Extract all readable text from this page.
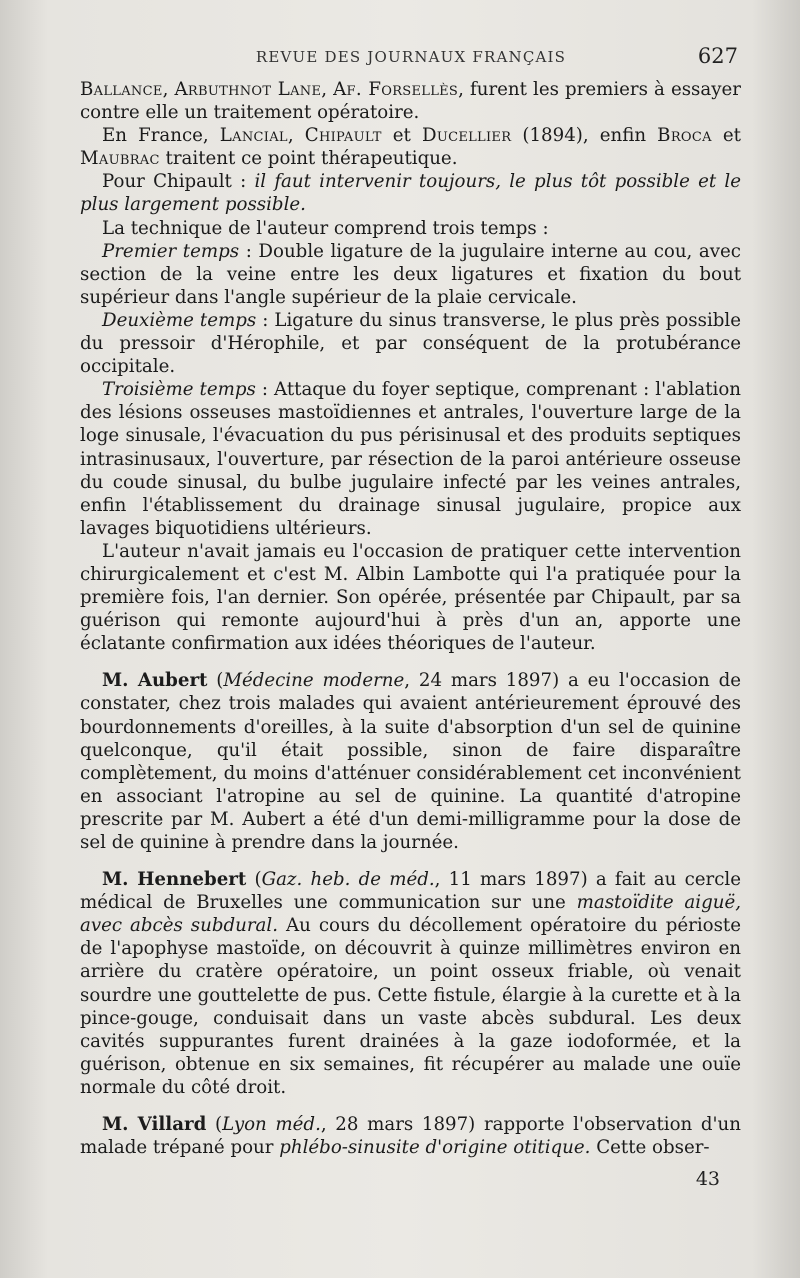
REVUE DES JOURNAUX FRANÇAIS	627

Ballance, Arbuthnot Lane, Af. Forsellès, furent les premiers à essayer contre elle un traitement opératoire.

En France, Lancial, Chipault et Ducellier (1894), enfin Broca et Maubrac traitent ce point thérapeutique.

Pour Chipault : il faut intervenir toujours, le plus tôt possible et le plus largement possible.

La technique de l'auteur comprend trois temps :

Premier temps : Double ligature de la jugulaire interne au cou, avec section de la veine entre les deux ligatures et fixation du bout supérieur dans l'angle supérieur de la plaie cervicale.

Deuxième temps : Ligature du sinus transverse, le plus près possible du pressoir d'Hérophile, et par conséquent de la protubérance occipitale.

Troisième temps : Attaque du foyer septique, comprenant : l'ablation des lésions osseuses mastoïdiennes et antrales, l'ouverture large de la loge sinusale, l'évacuation du pus périsinusal et des produits septiques intrasinusaux, l'ouverture, par résection de la paroi antérieure osseuse du coude sinusal, du bulbe jugulaire infecté par les veines antrales, enfin l'établissement du drainage sinusal jugulaire, propice aux lavages biquotidiens ultérieurs.

L'auteur n'avait jamais eu l'occasion de pratiquer cette intervention chirurgicalement et c'est M. Albin Lambotte qui l'a pratiquée pour la première fois, l'an dernier. Son opérée, présentée par Chipault, par sa guérison qui remonte aujourd'hui à près d'un an, apporte une éclatante confirmation aux idées théoriques de l'auteur.

M. Aubert (Médecine moderne, 24 mars 1897) a eu l'occasion de constater, chez trois malades qui avaient antérieurement éprouvé des bourdonnements d'oreilles, à la suite d'absorption d'un sel de quinine quelconque, qu'il était possible, sinon de faire disparaître complètement, du moins d'atténuer considérablement cet inconvénient en associant l'atropine au sel de quinine. La quantité d'atropine prescrite par M. Aubert a été d'un demi-milligramme pour la dose de sel de quinine à prendre dans la journée.

M. Hennebert (Gaz. heb. de méd., 11 mars 1897) a fait au cercle médical de Bruxelles une communication sur une mastoïdite aiguë, avec abcès subdural. Au cours du décollement opératoire du périoste de l'apophyse mastoïde, on découvrit à quinze millimètres environ en arrière du cratère opératoire, un point osseux friable, où venait sourdre une gouttelette de pus. Cette fistule, élargie à la curette et à la pince-gouge, conduisait dans un vaste abcès subdural. Les deux cavités suppurantes furent drainées à la gaze iodoformée, et la guérison, obtenue en six semaines, fit récupérer au malade une ouïe normale du côté droit.

M. Villard (Lyon méd., 28 mars 1897) rapporte l'observation d'un malade trépané pour phlébo-sinusite d'origine otitique. Cette obser-

43
